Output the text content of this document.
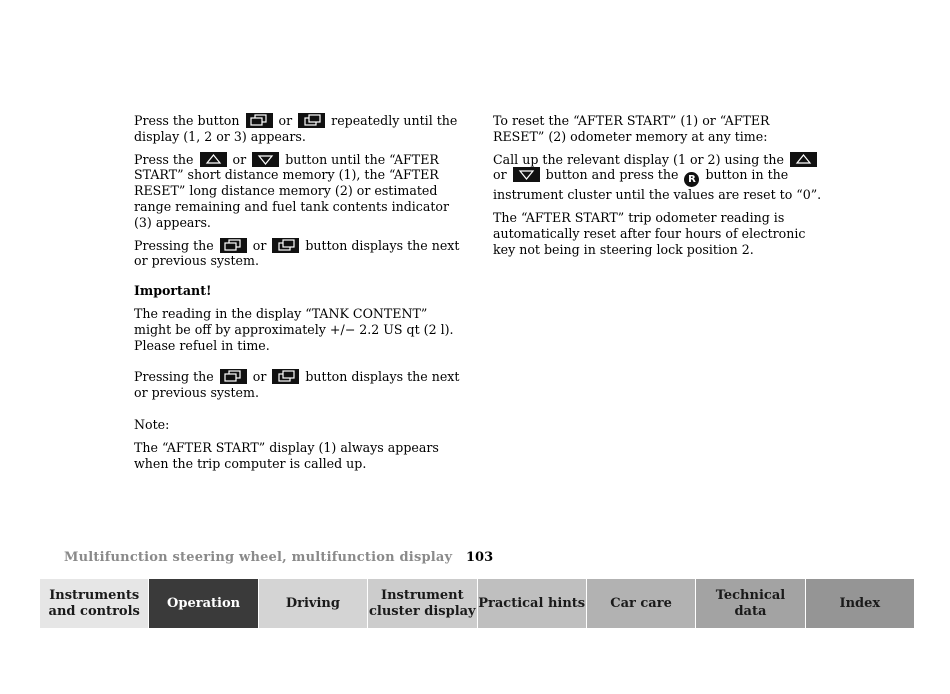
Press the button	or	repeatedly until the display (1, 2 or 3) appears.

Press the	or	button until the “AFTER START” short distance memory (1), the “AFTER RESET” long distance memory (2) or estimated range remaining and fuel tank contents indicator (3) appears.

Pressing the	or	button displays the next or previous system.

Important!

The reading in the display “TANK CONTENT” might be off by approximately +/− 2.2 US qt (2 l). Please refuel in time.

Pressing the	or	button displays the next or previous system.

Note:

The “AFTER START” display (1) always appears when the trip computer is called up.

To reset the “AFTER START” (1) or “AFTER RESET” (2) odometer memory at any time:

Call up the relevant display (1 or 2) using the
or	button and press the R button in the instrument cluster until the values are reset to “0”.

The “AFTER START” trip odometer reading is automatically reset after four hours of electronic key not being in steering lock position 2.

Multifunction steering wheel, multifunction display 103
Instruments
and controls
Operation	Driving
Instrument
cluster display
Practical hints Car care
Technical
data
Index
